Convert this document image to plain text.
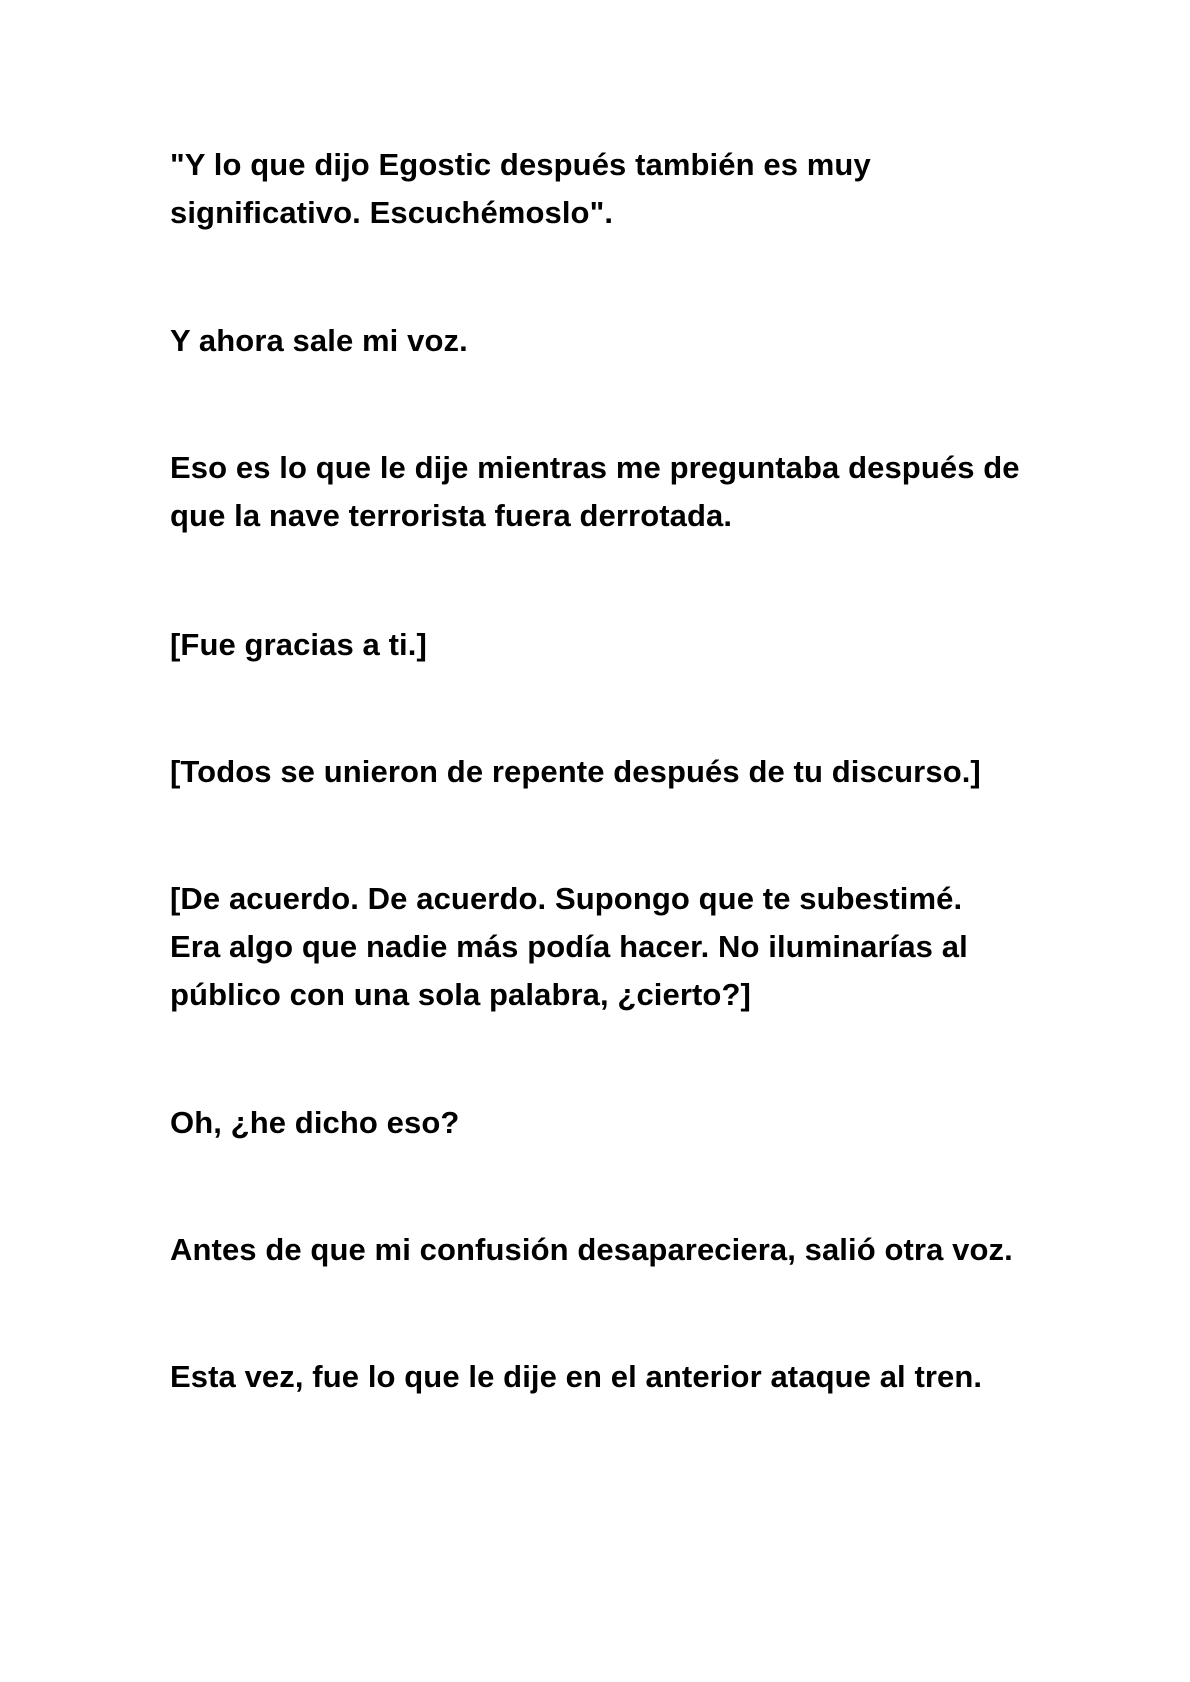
"Y lo que dijo Egostic después también es muy
significativo. Escuchémoslo".

Y ahora sale mi voz.

Eso es lo que le dije mientras me preguntaba después de
que la nave terrorista fuera derrotada.

[Fue gracias a ti.]

[Todos se unieron de repente después de tu discurso.]

[De acuerdo. De acuerdo. Supongo que te subestimé.
Era algo que nadie más podía hacer. No iluminarías al
público con una sola palabra, ¿cierto?]

Oh, ¿he dicho eso?

Antes de que mi confusión desapareciera, salió otra voz.

Esta vez, fue lo que le dije en el anterior ataque al tren.
